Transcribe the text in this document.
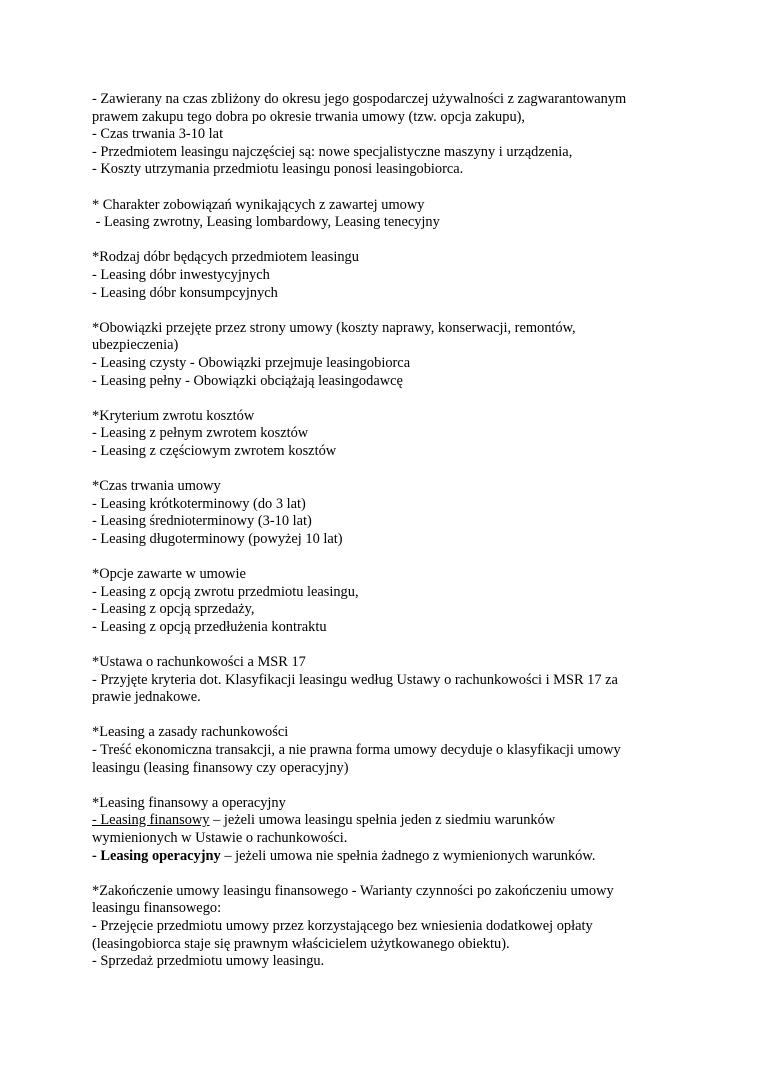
- Zawierany na czas zbliżony do okresu jego gospodarczej używalności z zagwarantowanym
prawem zakupu tego dobra po okresie trwania umowy (tzw. opcja zakupu),
- Czas trwania 3-10 lat
- Przedmiotem leasingu najczęściej są: nowe specjalistyczne maszyny i urządzenia,
- Koszty utrzymania przedmiotu leasingu ponosi leasingobiorca.
* Charakter zobowiązań wynikających z zawartej umowy
- Leasing zwrotny, Leasing lombardowy, Leasing tenecyjny
*Rodzaj dóbr będących przedmiotem leasingu
- Leasing dóbr inwestycyjnych
- Leasing dóbr konsumpcyjnych
*Obowiązki przejęte przez strony umowy (koszty naprawy, konserwacji, remontów,
ubezpieczenia)
- Leasing czysty - Obowiązki przejmuje leasingobiorca
- Leasing pełny - Obowiązki obciążają leasingodawcę
*Kryterium zwrotu kosztów
- Leasing z pełnym zwrotem kosztów
- Leasing z częściowym zwrotem kosztów
*Czas trwania umowy
- Leasing krótkoterminowy (do 3 lat)
- Leasing średnioterminowy (3-10 lat)
- Leasing długoterminowy (powyżej 10 lat)
*Opcje zawarte w umowie
- Leasing z opcją zwrotu przedmiotu leasingu,
- Leasing z opcją sprzedaży,
- Leasing z opcją przedłużenia kontraktu
*Ustawa o rachunkowości a MSR 17
- Przyjęte kryteria dot. Klasyfikacji leasingu według Ustawy o rachunkowości i MSR 17 za
prawie jednakowe.
*Leasing a zasady rachunkowości
- Treść ekonomiczna transakcji, a nie prawna forma umowy decyduje o klasyfikacji umowy
leasingu (leasing finansowy czy operacyjny)
*Leasing finansowy a operacyjny
- Leasing finansowy – jeżeli umowa leasingu spełnia jeden z siedmiu warunków
wymienionych w Ustawie o rachunkowości.
- Leasing operacyjny – jeżeli umowa nie spełnia żadnego z wymienionych warunków.
*Zakończenie umowy leasingu finansowego - Warianty czynności po zakończeniu umowy
leasingu finansowego:
- Przejęcie przedmiotu umowy przez korzystającego bez wniesienia dodatkowej opłaty
(leasingobiorca staje się prawnym właścicielem użytkowanego obiektu).
- Sprzedaż przedmiotu umowy leasingu.
